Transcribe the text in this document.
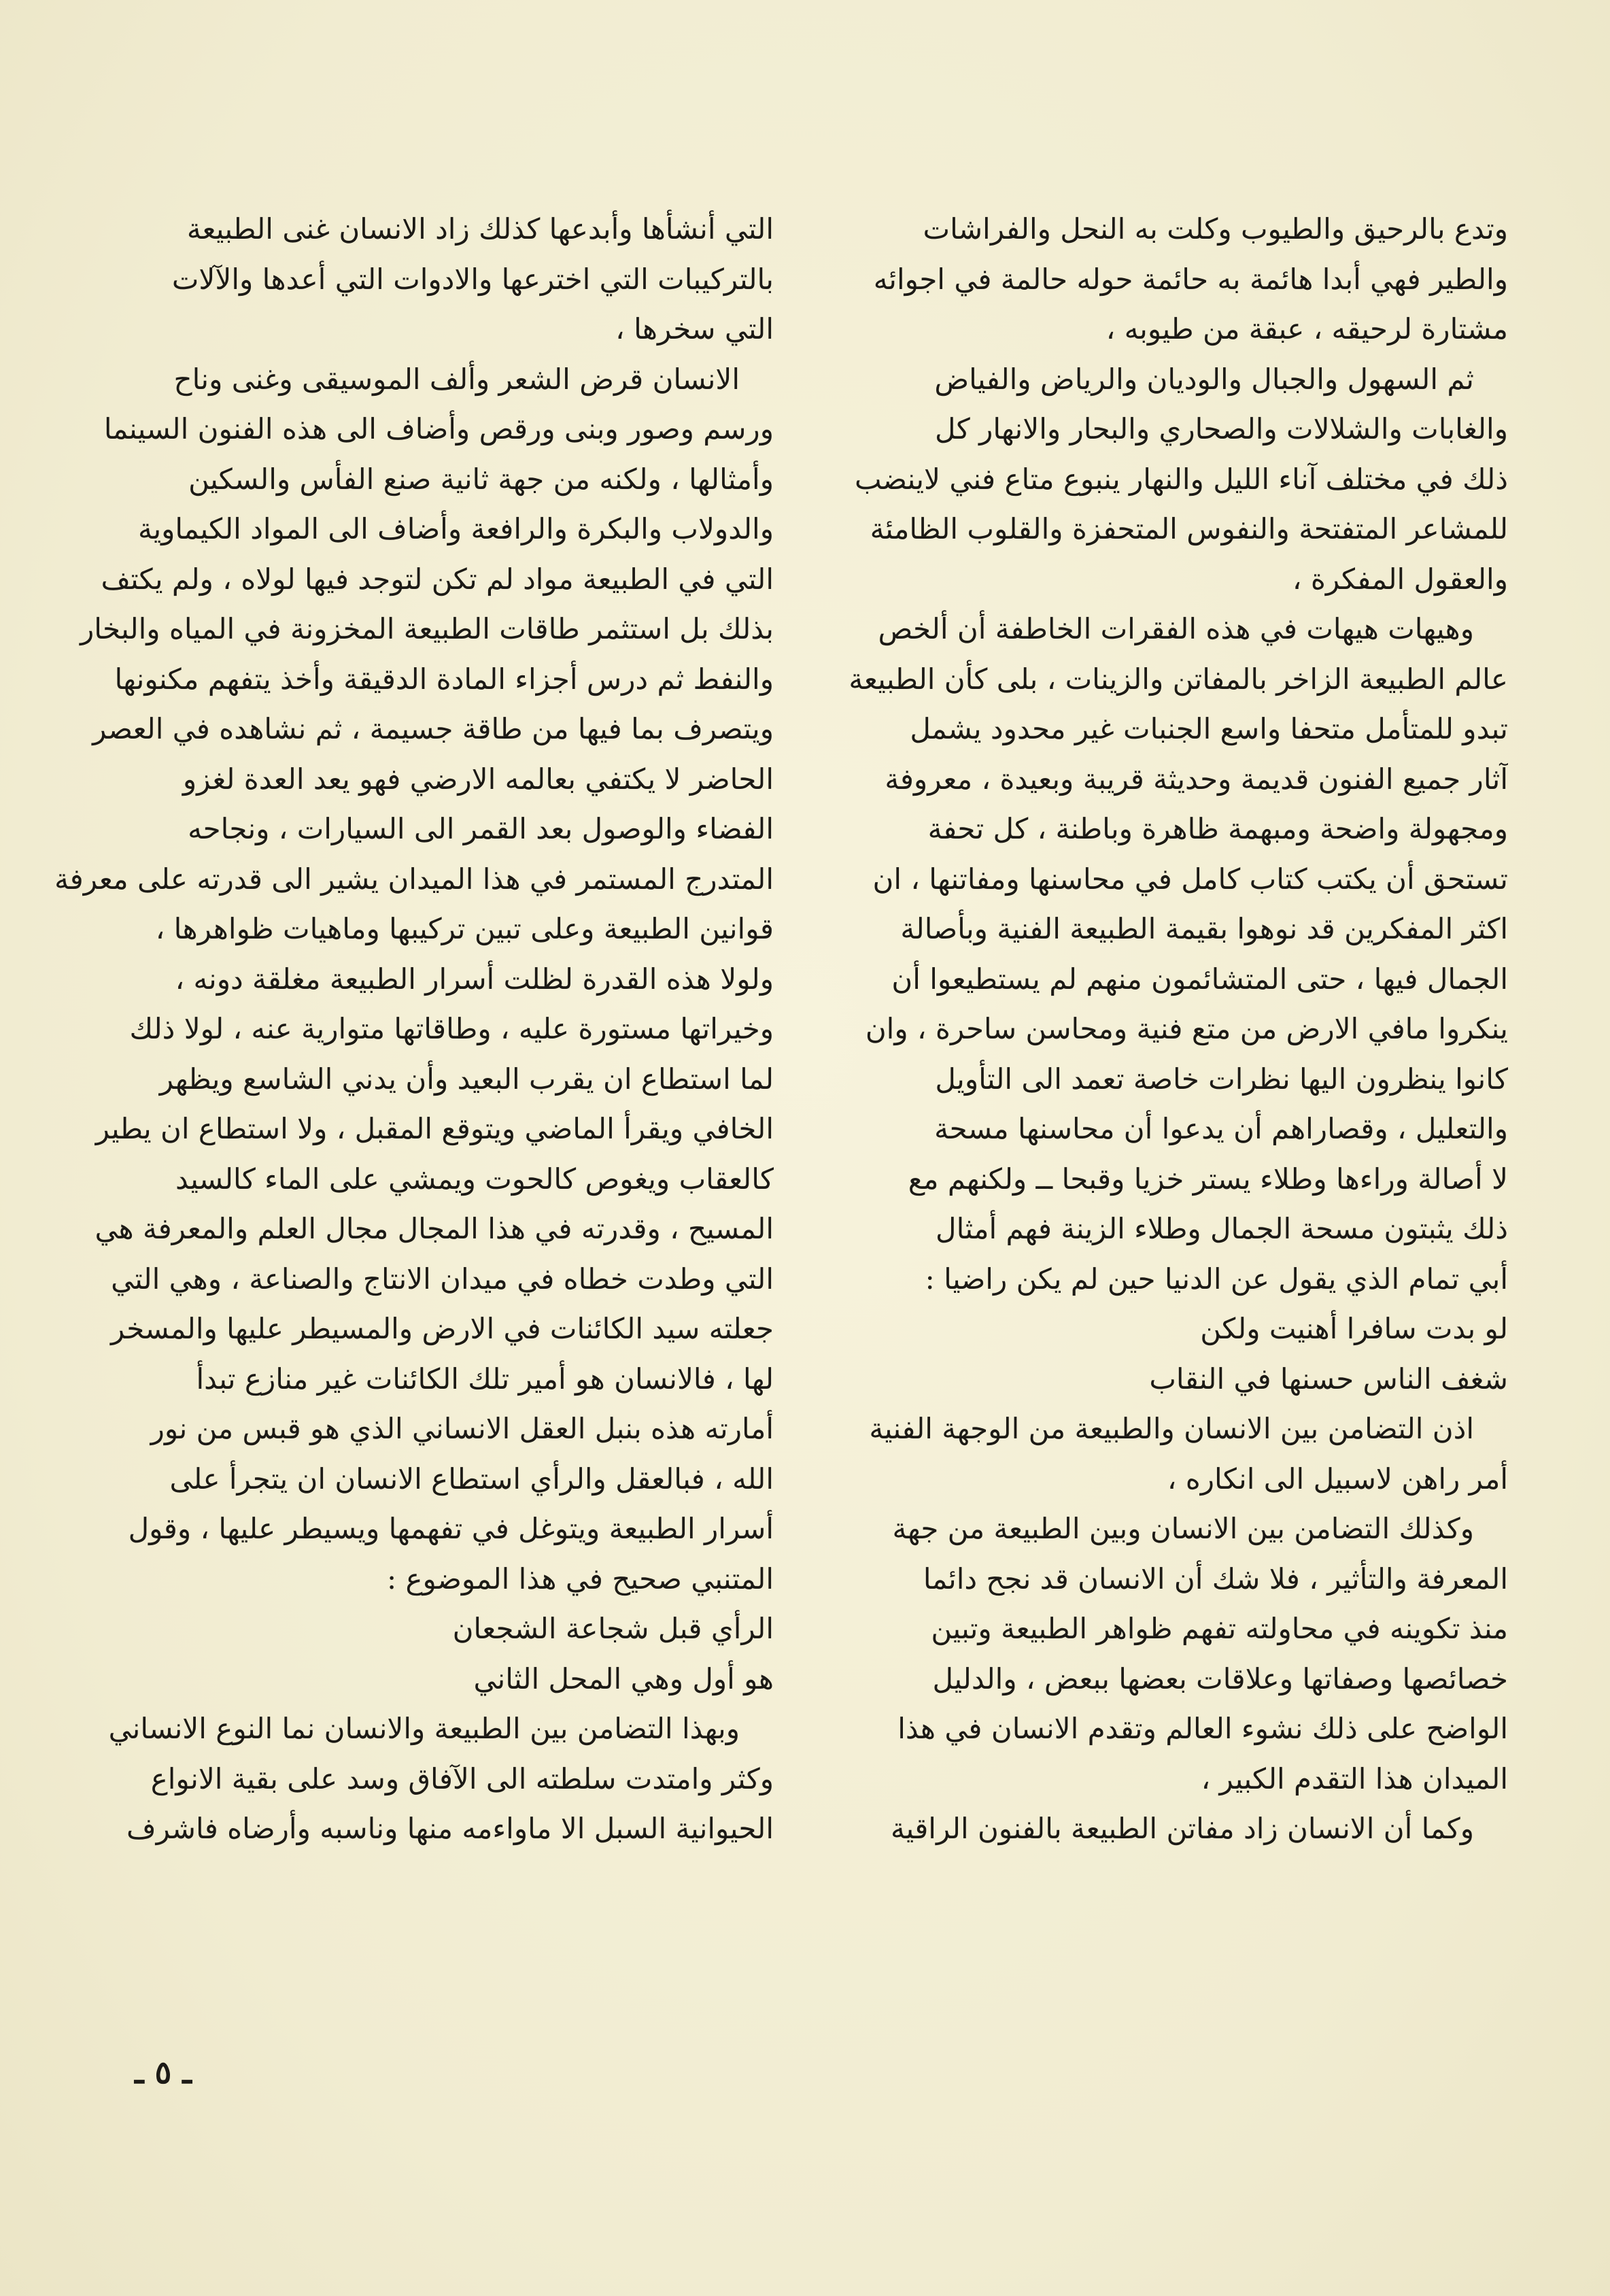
وتدع بالرحيق والطيوب وكلت به النحل والفراشات
والطير فهي أبدا هائمة به حائمة حوله حالمة في اجوائه
مشتارة لرحيقه ، عبقة من طيوبه ،
ثم السهول والجبال والوديان والرياض والفياض
والغابات والشلالات والصحاري والبحار والانهار كل
ذلك في مختلف آناء الليل والنهار ينبوع متاع فني لاينضب
للمشاعر المتفتحة والنفوس المتحفزة والقلوب الظامئة
والعقول المفكرة ،
وهيهات هيهات في هذه الفقرات الخاطفة أن ألخص
عالم الطبيعة الزاخر بالمفاتن والزينات ، بلى كأن الطبيعة
تبدو للمتأمل متحفا واسع الجنبات غير محدود يشمل
آثار جميع الفنون قديمة وحديثة قريبة وبعيدة ، معروفة
ومجهولة واضحة ومبهمة ظاهرة وباطنة ، كل تحفة
تستحق أن يكتب كتاب كامل في محاسنها ومفاتنها ، ان
اكثر المفكرين قد نوهوا بقيمة الطبيعة الفنية وبأصالة
الجمال فيها ، حتى المتشائمون منهم لم يستطيعوا أن
ينكروا مافي الارض من متع فنية ومحاسن ساحرة ، وان
كانوا ينظرون اليها نظرات خاصة تعمد الى التأويل
والتعليل ، وقصاراهم أن يدعوا أن محاسنها مسحة
لا أصالة وراءها وطلاء يستر خزيا وقبحا ــ ولكنهم مع
ذلك يثبتون مسحة الجمال وطلاء الزينة فهم أمثال
أبي تمام الذي يقول عن الدنيا حين لم يكن راضيا :
لو بدت سافرا أهنيت ولكن
شغف الناس حسنها في النقاب
اذن التضامن بين الانسان والطبيعة من الوجهة الفنية
أمر راهن لاسبيل الى انكاره ،
وكذلك التضامن بين الانسان وبين الطبيعة من جهة
المعرفة والتأثير ، فلا شك أن الانسان قد نجح دائما
منذ تكوينه في محاولته تفهم ظواهر الطبيعة وتبين
خصائصها وصفاتها وعلاقات بعضها ببعض ، والدليل
الواضح على ذلك نشوء العالم وتقدم الانسان في هذا
الميدان هذا التقدم الكبير ،
وكما أن الانسان زاد مفاتن الطبيعة بالفنون الراقية
التي أنشأها وأبدعها كذلك زاد الانسان غنى الطبيعة
بالتركيبات التي اخترعها والادوات التي أعدها والآلات
التي سخرها ،
الانسان قرض الشعر وألف الموسيقى وغنى وناح
ورسم وصور وبنى ورقص وأضاف الى هذه الفنون السينما
وأمثالها ، ولكنه من جهة ثانية صنع الفأس والسكين
والدولاب والبكرة والرافعة وأضاف الى المواد الكيماوية
التي في الطبيعة مواد لم تكن لتوجد فيها لولاه ، ولم يكتف
بذلك بل استثمر طاقات الطبيعة المخزونة في المياه والبخار
والنفط ثم درس أجزاء المادة الدقيقة وأخذ يتفهم مكنونها
ويتصرف بما فيها من طاقة جسيمة ، ثم نشاهده في العصر
الحاضر لا يكتفي بعالمه الارضي فهو يعد العدة لغزو
الفضاء والوصول بعد القمر الى السيارات ، ونجاحه
المتدرج المستمر في هذا الميدان يشير الى قدرته على معرفة
قوانين الطبيعة وعلى تبين تركيبها وماهيات ظواهرها ،
ولولا هذه القدرة لظلت أسرار الطبيعة مغلقة دونه ،
وخيراتها مستورة عليه ، وطاقاتها متوارية عنه ، لولا ذلك
لما استطاع ان يقرب البعيد وأن يدني الشاسع ويظهر
الخافي ويقرأ الماضي ويتوقع المقبل ، ولا استطاع ان يطير
كالعقاب ويغوص كالحوت ويمشي على الماء كالسيد
المسيح ، وقدرته في هذا المجال مجال العلم والمعرفة هي
التي وطدت خطاه في ميدان الانتاج والصناعة ، وهي التي
جعلته سيد الكائنات في الارض والمسيطر عليها والمسخر
لها ، فالانسان هو أمير تلك الكائنات غير منازع تبدأ
أمارته هذه بنبل العقل الانساني الذي هو قبس من نور
الله ، فبالعقل والرأي استطاع الانسان ان يتجرأ على
أسرار الطبيعة ويتوغل في تفهمها ويسيطر عليها ، وقول
المتنبي صحيح في هذا الموضوع :
الرأي قبل شجاعة الشجعان
هو أول وهي المحل الثاني
وبهذا التضامن بين الطبيعة والانسان نما النوع الانساني
وكثر وامتدت سلطته الى الآفاق وسد على بقية الانواع
الحيوانية السبل الا ماواءمه منها وناسبه وأرضاه فاشرف
ـ ٥ ـ
